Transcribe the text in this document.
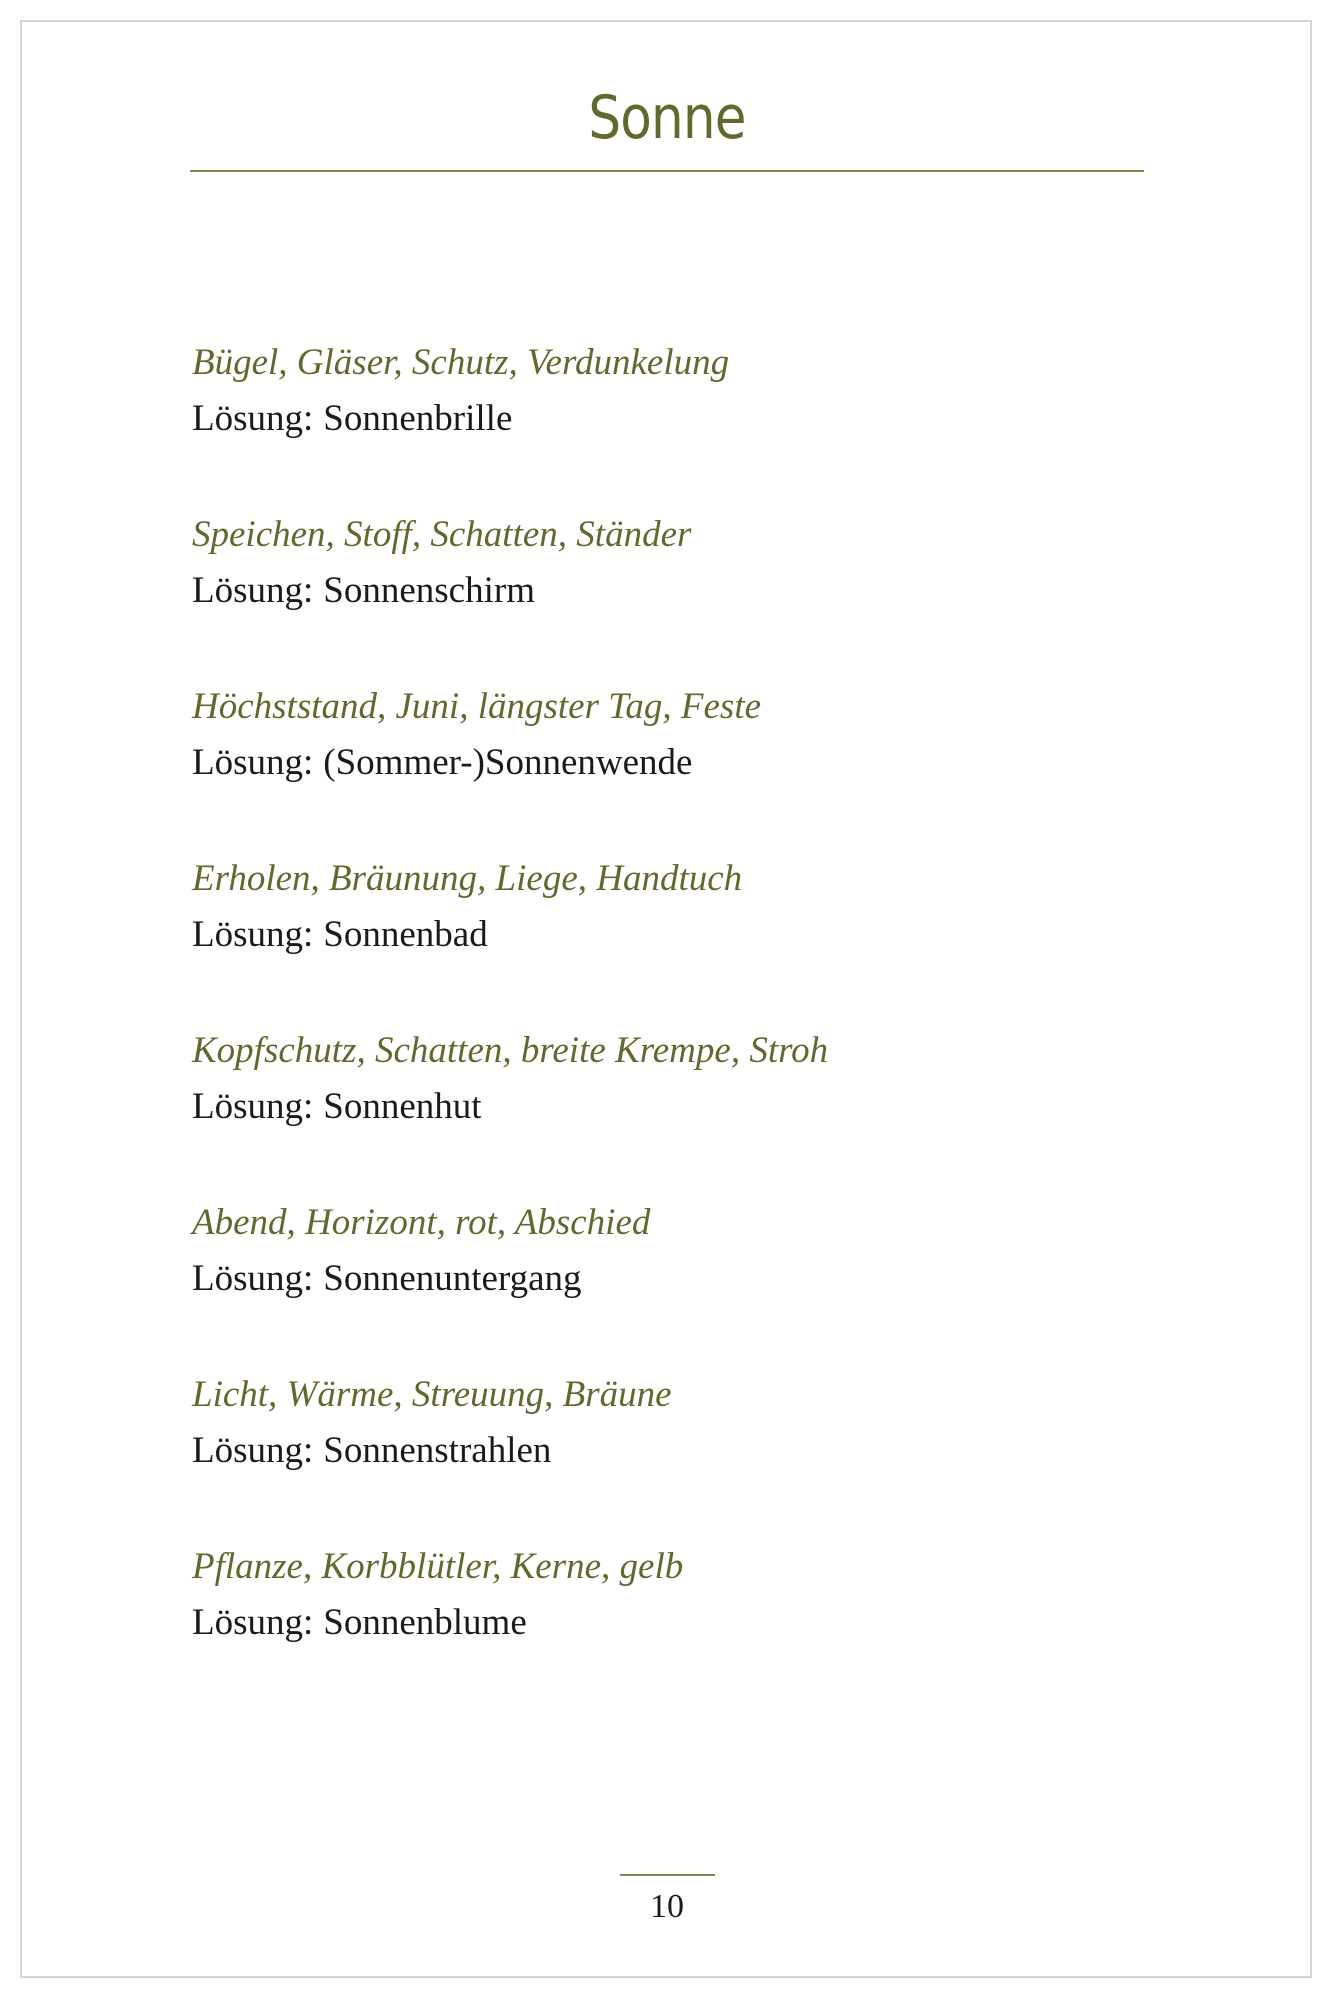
Sonne
Bügel, Gläser, Schutz, Verdunkelung
Lösung: Sonnenbrille
Speichen, Stoff, Schatten, Ständer
Lösung: Sonnenschirm
Höchststand, Juni, längster Tag, Feste
Lösung: (Sommer-)Sonnenwende
Erholen, Bräunung, Liege, Handtuch
Lösung: Sonnenbad
Kopfschutz, Schatten, breite Krempe, Stroh
Lösung: Sonnenhut
Abend, Horizont, rot, Abschied
Lösung: Sonnenuntergang
Licht, Wärme, Streuung, Bräune
Lösung: Sonnenstrahlen
Pflanze, Korbblütler, Kerne, gelb
Lösung: Sonnenblume
10
